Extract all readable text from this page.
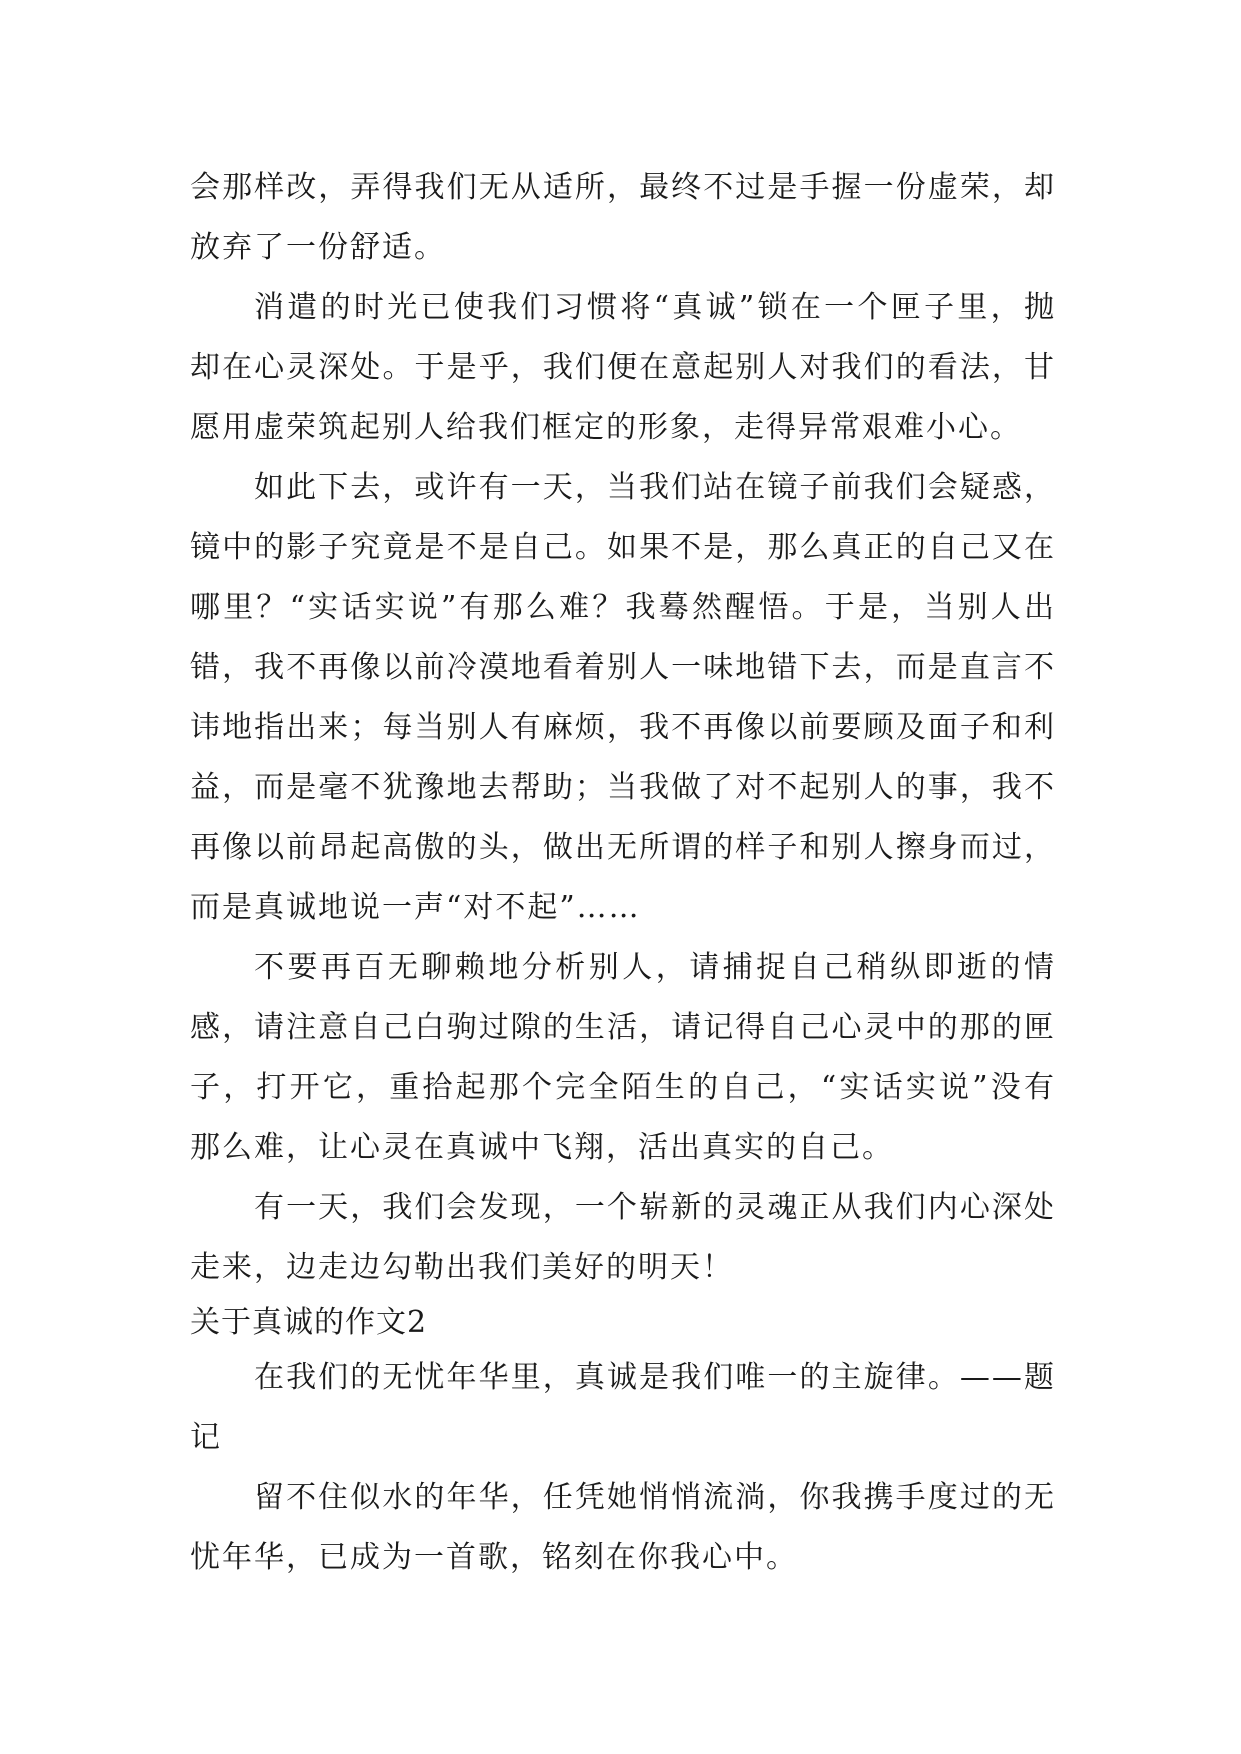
会那样改，弄得我们无从适所，最终不过是手握一份虚荣，却放弃了一份舒适。

消遣的时光已使我们习惯将“真诚”锁在一个匣子里，抛却在心灵深处。于是乎，我们便在意起别人对我们的看法，甘愿用虚荣筑起别人给我们框定的形象，走得异常艰难小心。

如此下去，或许有一天，当我们站在镜子前我们会疑惑，镜中的影子究竟是不是自己。如果不是，那么真正的自己又在哪里？“实话实说”有那么难？我蓦然醒悟。于是，当别人出错，我不再像以前冷漠地看着别人一味地错下去，而是直言不讳地指出来；每当别人有麻烦，我不再像以前要顾及面子和利益，而是毫不犹豫地去帮助；当我做了对不起别人的事，我不再像以前昂起高傲的头，做出无所谓的样子和别人擦身而过，而是真诚地说一声“对不起”……

不要再百无聊赖地分析别人，请捕捉自己稍纵即逝的情感，请注意自己白驹过隙的生活，请记得自己心灵中的那的匣子，打开它，重拾起那个完全陌生的自己，“实话实说”没有那么难，让心灵在真诚中飞翔，活出真实的自己。

有一天，我们会发现，一个崭新的灵魂正从我们内心深处走来，边走边勾勒出我们美好的明天！

关于真诚的作文2

在我们的无忧年华里，真诚是我们唯一的主旋律。——题记

留不住似水的年华，任凭她悄悄流淌，你我携手度过的无忧年华，已成为一首歌，铭刻在你我心中。
